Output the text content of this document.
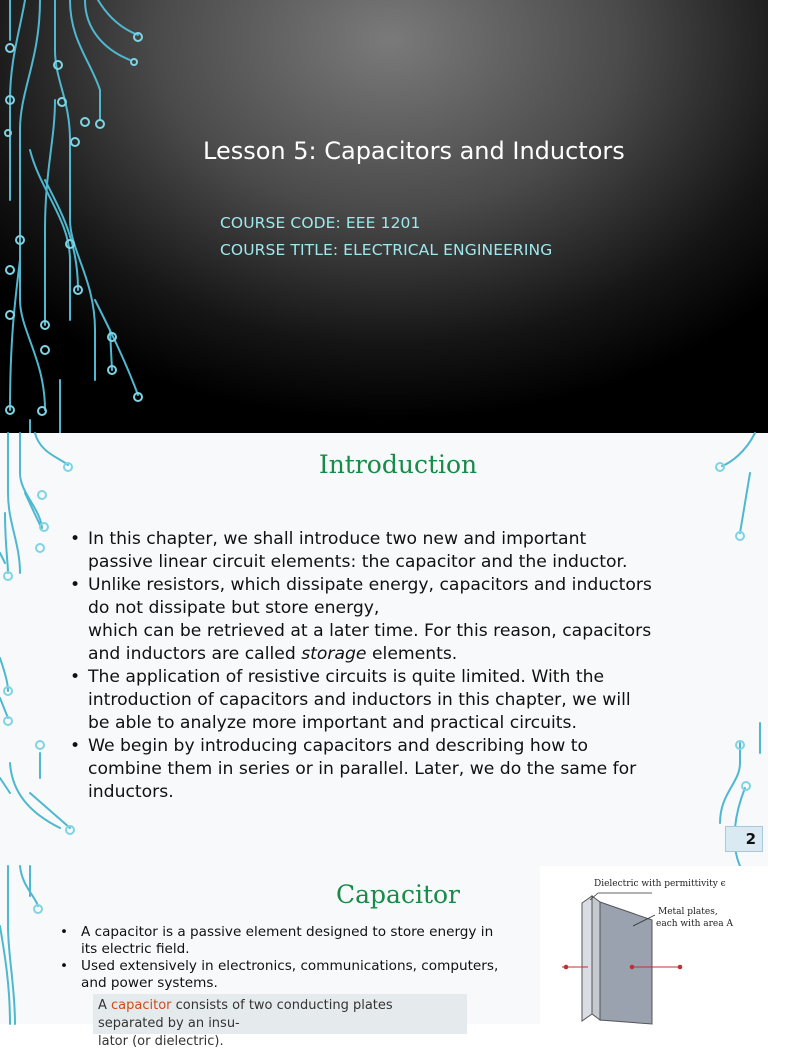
Lesson 5: Capacitors and Inductors
COURSE CODE: EEE 1201
COURSE TITLE: ELECTRICAL ENGINEERING
Introduction
• In this chapter, we shall introduce two new and important
passive linear circuit elements: the capacitor and the inductor.
• Unlike resistors, which dissipate energy, capacitors and inductors
do not dissipate but store energy,
which can be retrieved at a later time. For this reason, capacitors
and inductors are called storage elements.
• The application of resistive circuits is quite limited. With the
introduction of capacitors and inductors in this chapter, we will
be able to analyze more important and practical circuits.
• We begin by introducing capacitors and describing how to
combine them in series or in parallel. Later, we do the same for
inductors.
2
Capacitor
• A capacitor is a passive element designed to store energy in
its electric field.
• Used extensively in electronics, communications, computers,
and power systems.
A capacitor consists of two conducting plates separated by an insu-
lator (or dielectric).
Dielectric with permittivity ϵ
Metal plates,
each with area A
